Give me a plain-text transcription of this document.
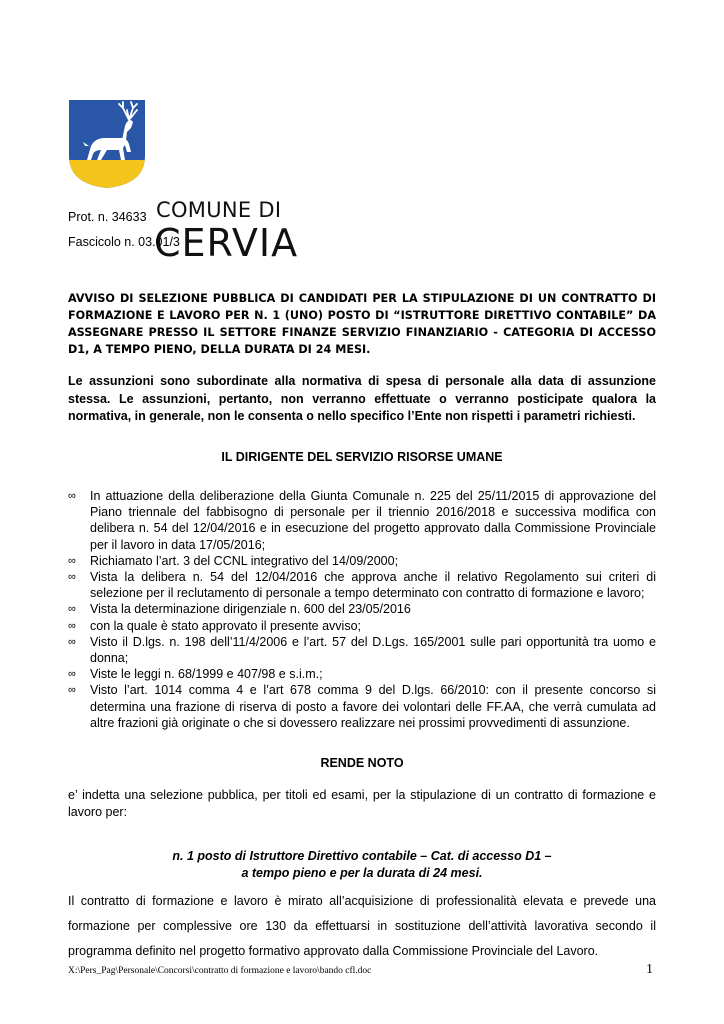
COMUNE DI
CERVIA
Prot. n. 34633
Fascicolo n. 03.01/3
AVVISO DI SELEZIONE PUBBLICA DI CANDIDATI PER LA STIPULAZIONE DI UN CONTRATTO DI FORMAZIONE E LAVORO PER N. 1 (UNO) POSTO DI “ISTRUTTORE DIRETTIVO CONTABILE” DA ASSEGNARE PRESSO IL SETTORE FINANZE SERVIZIO FINANZIARIO - CATEGORIA DI ACCESSO D1, A TEMPO PIENO, DELLA DURATA DI 24 MESI.
Le assunzioni sono subordinate alla normativa di spesa di personale alla data di assunzione stessa. Le assunzioni, pertanto, non verranno effettuate o verranno posticipate qualora la normativa, in generale, non le consenta o nello specifico l’Ente non rispetti i parametri richiesti.
IL DIRIGENTE DEL SERVIZIO RISORSE UMANE
∞ In attuazione della deliberazione della Giunta Comunale n. 225 del 25/11/2015 di approvazione del Piano triennale del fabbisogno di personale per il triennio 2016/2018 e successiva modifica con delibera n. 54 del 12/04/2016 e in esecuzione del progetto approvato dalla Commissione Provinciale per il lavoro in data 17/05/2016;
∞ Richiamato l’art. 3 del CCNL integrativo del 14/09/2000;
∞ Vista la delibera n. 54 del 12/04/2016 che approva anche il relativo Regolamento sui criteri di selezione per il reclutamento di personale a tempo determinato con contratto di formazione e lavoro;
∞ Vista la determinazione dirigenziale n. 600 del 23/05/2016
∞ con la quale è stato approvato il presente avviso;
∞ Visto il D.lgs. n. 198 dell’11/4/2006 e l’art. 57 del D.Lgs. 165/2001 sulle pari opportunità tra uomo e donna;
∞ Viste le leggi n. 68/1999 e 407/98 e s.i.m.;
∞ Visto l’art. 1014 comma 4 e l’art 678 comma 9 del D.lgs. 66/2010: con il presente concorso si determina una frazione di riserva di posto a favore dei volontari delle FF.AA, che verrà cumulata ad altre frazioni già originate o che si dovessero realizzare nei prossimi provvedimenti di assunzione.
RENDE NOTO
e’ indetta una selezione pubblica, per titoli ed esami, per la stipulazione di un contratto di formazione e lavoro per:
n. 1 posto di Istruttore Direttivo contabile – Cat. di accesso D1 –
a tempo pieno e per la durata di 24 mesi.
Il contratto di formazione e lavoro è mirato all’acquisizione di professionalità elevata e prevede una formazione per complessive ore 130 da effettuarsi in sostituzione dell’attività lavorativa secondo il programma definito nel progetto formativo approvato dalla Commissione Provinciale del Lavoro.
X:\Pers_Pag\Personale\Concorsi\contratto di formazione e lavoro\bando cfl.doc	1
